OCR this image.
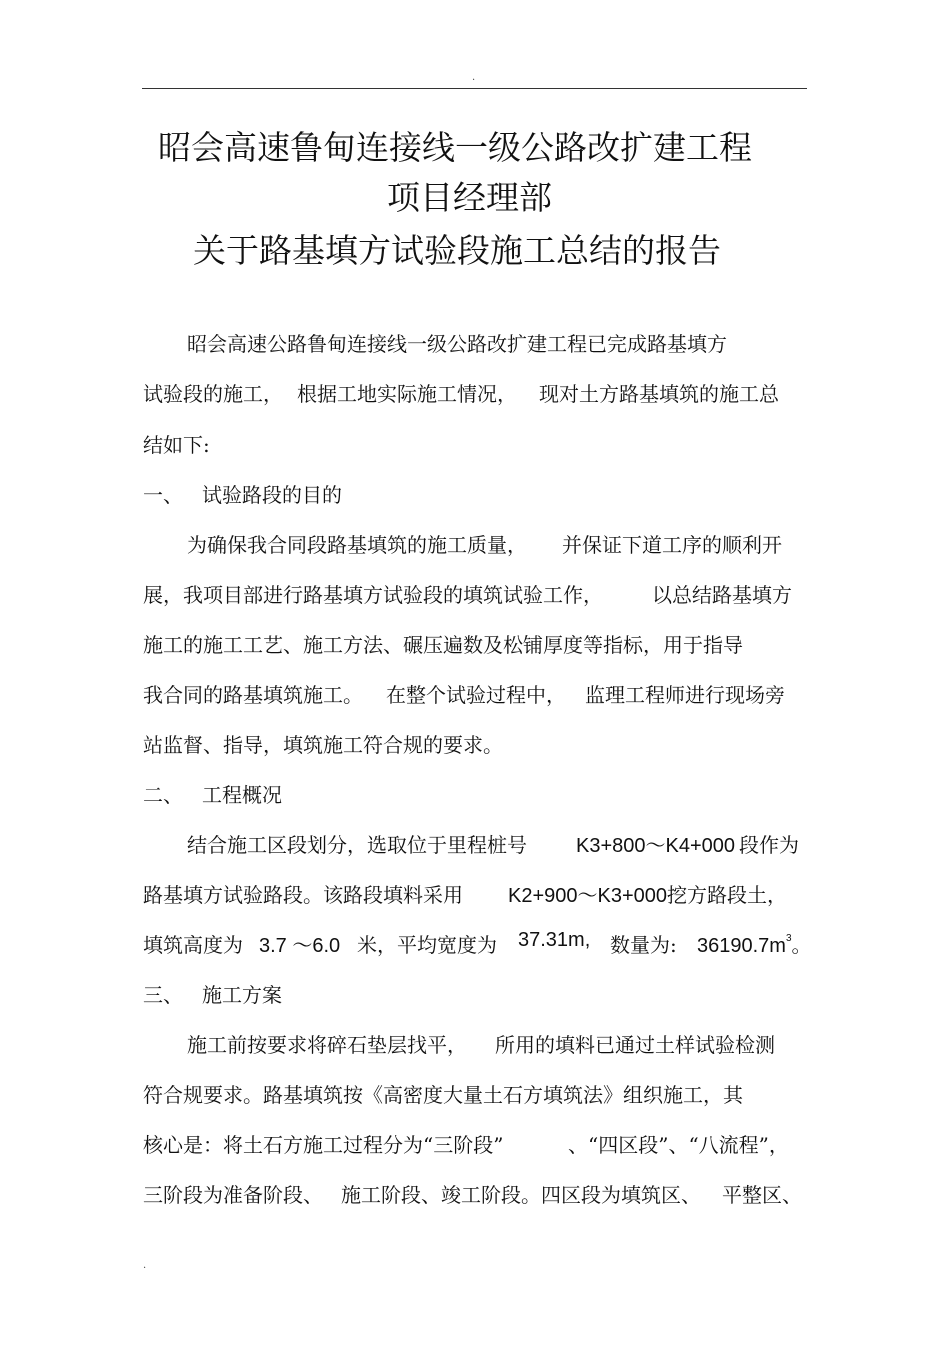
.
昭会高速鲁甸连接线一级公路改扩建工程
项目经理部
关于路基填方试验段施工总结的报告
昭会高速公路鲁甸连接线一级公路改扩建工程已完成路基填方
试验段的施工， 根据工地实际施工情况， 现对土方路基填筑的施工总
结如下:
一、 试验路段的目的
为确保我合同段路基填筑的施工质量， 并保证下道工序的顺利开
展，我项目部进行路基填方试验段的填筑试验工作， 以总结路基填方
施工的施工工艺、施工方法、碾压遍数及松铺厚度等指标，用于指导
我合同的路基填筑施工。 在整个试验过程中， 监理工程师进行现场旁
站监督、指导，填筑施工符合规的要求。
二、 工程概况
结合施工区段划分，选取位于里程桩号 K3+800～K4+000 段作为
路基填方试验路段。该路段填料采用 K2+900～K3+000 挖方路段土，
填筑高度为 3.7 ～6.0 米，平均宽度为 37.31m, 数量为: $36190.7m^3$。
三、 施工方案
施工前按要求将碎石垫层找平， 所用的填料已通过土样试验检测
符合规要求。路基填筑按《高密度大量土石方填筑法》组织施工，其
核心是：将土石方施工过程分为“三阶段”	、“四区段”、“八流程”，
三阶段为准备阶段、 施工阶段、竣工阶段。四区段为填筑区、 平整区、
.
